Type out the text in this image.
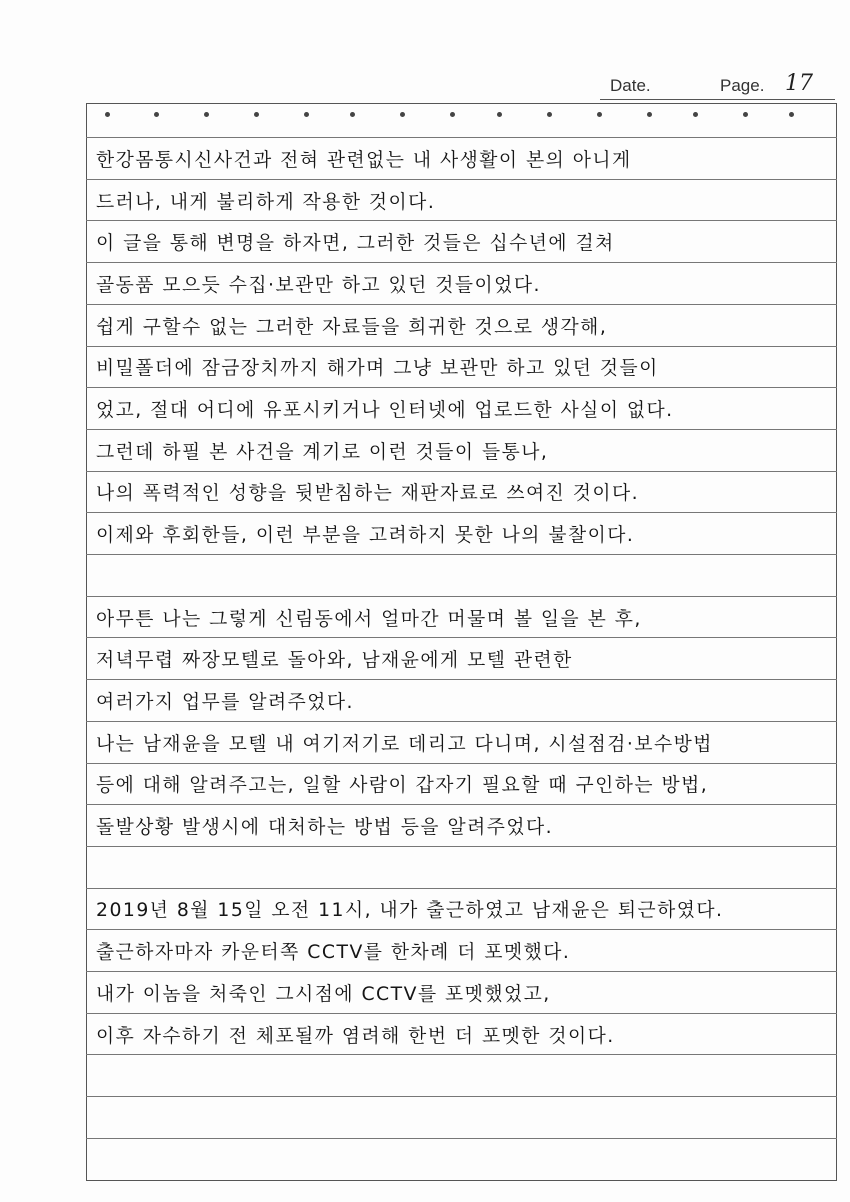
Date.	Page. 17
한강몸통시신사건과 전혀 관련없는 내 사생활이 본의 아니게
드러나, 내게 불리하게 작용한 것이다.
이 글을 통해 변명을 하자면, 그러한 것들은 십수년에 걸쳐
골동품 모으듯 수집·보관만 하고 있던 것들이었다.
쉽게 구할수 없는 그러한 자료들을 희귀한 것으로 생각해,
비밀폴더에 잠금장치까지 해가며 그냥 보관만 하고 있던 것들이
었고, 절대 어디에 유포시키거나 인터넷에 업로드한 사실이 없다.
그런데 하필 본 사건을 계기로 이런 것들이 들통나,
나의 폭력적인 성향을 뒷받침하는 재판자료로 쓰여진 것이다.
이제와 후회한들, 이런 부분을 고려하지 못한 나의 불찰이다.
아무튼 나는 그렇게 신림동에서 얼마간 머물며 볼 일을 본 후,
저녁무렵 짜장모텔로 돌아와, 남재윤에게 모텔 관련한
여러가지 업무를 알려주었다.
나는 남재윤을 모텔 내 여기저기로 데리고 다니며, 시설점검·보수방법
등에 대해 알려주고는, 일할 사람이 갑자기 필요할 때 구인하는 방법,
돌발상황 발생시에 대처하는 방법 등을 알려주었다.
2019년 8월 15일 오전 11시, 내가 출근하였고 남재윤은 퇴근하였다.
출근하자마자 카운터쪽 CCTV를 한차례 더 포멧했다.
내가 이놈을 처죽인 그시점에 CCTV를 포멧했었고,
이후 자수하기 전 체포될까 염려해 한번 더 포멧한 것이다.
